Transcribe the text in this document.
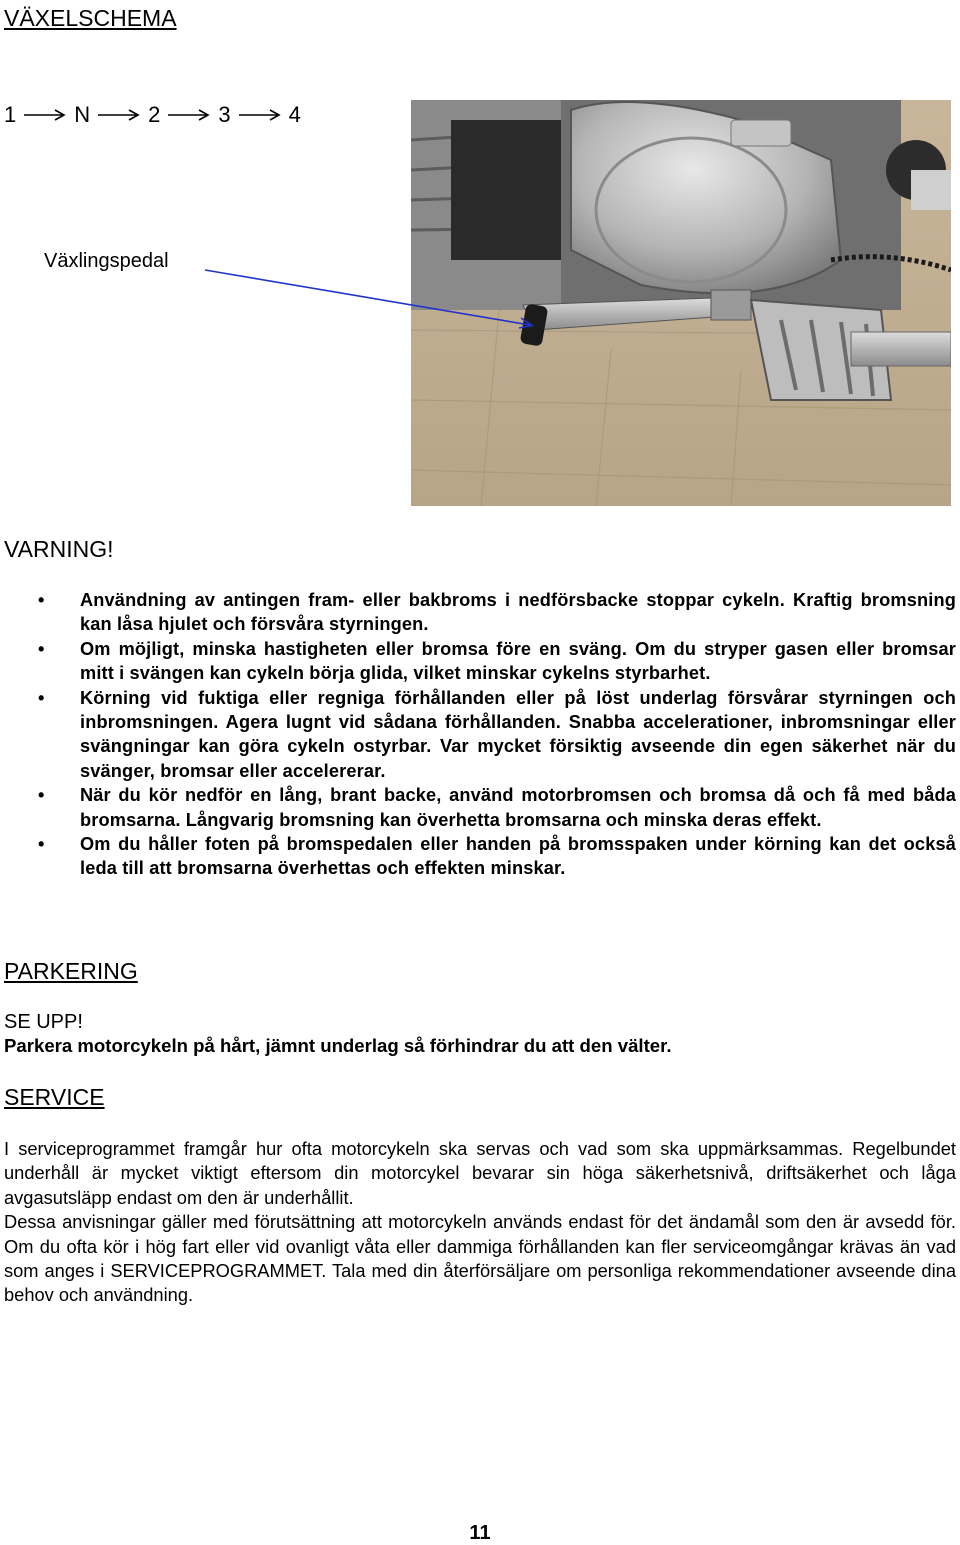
VÄXELSCHEMA
1	N	2	3	4
Växlingspedal
VARNING!
• Användning av antingen fram- eller bakbroms i nedförsbacke stoppar cykeln. Kraftig bromsning kan låsa hjulet och försvåra styrningen.
• Om möjligt, minska hastigheten eller bromsa före en sväng. Om du stryper gasen eller bromsar mitt i svängen kan cykeln börja glida, vilket minskar cykelns styrbarhet.
• Körning vid fuktiga eller regniga förhållanden eller på löst underlag försvårar styrningen och inbromsningen. Agera lugnt vid sådana förhållanden. Snabba accelerationer, inbromsningar eller svängningar kan göra cykeln ostyrbar. Var mycket försiktig avseende din egen säkerhet när du svänger, bromsar eller accelererar.
• När du kör nedför en lång, brant backe, använd motorbromsen och bromsa då och få med båda bromsarna. Långvarig bromsning kan överhetta bromsarna och minska deras effekt.
• Om du håller foten på bromspedalen eller handen på bromsspaken under körning kan det också leda till att bromsarna överhettas och effekten minskar.
PARKERING
SE UPP!
Parkera motorcykeln på hårt, jämnt underlag så förhindrar du att den välter.
SERVICE

I serviceprogrammet framgår hur ofta motorcykeln ska servas och vad som ska uppmärksammas. Regelbundet underhåll är mycket viktigt eftersom din motorcykel bevarar sin höga säkerhetsnivå, driftsäkerhet och låga avgasutsläpp endast om den är underhållit.

Dessa anvisningar gäller med förutsättning att motorcykeln används endast för det ändamål som den är avsedd för. Om du ofta kör i hög fart eller vid ovanligt våta eller dammiga förhållanden kan fler serviceomgångar krävas än vad som anges i SERVICEPROGRAMMET. Tala med din återförsäljare om personliga rekommendationer avseende dina behov och användning.

11
